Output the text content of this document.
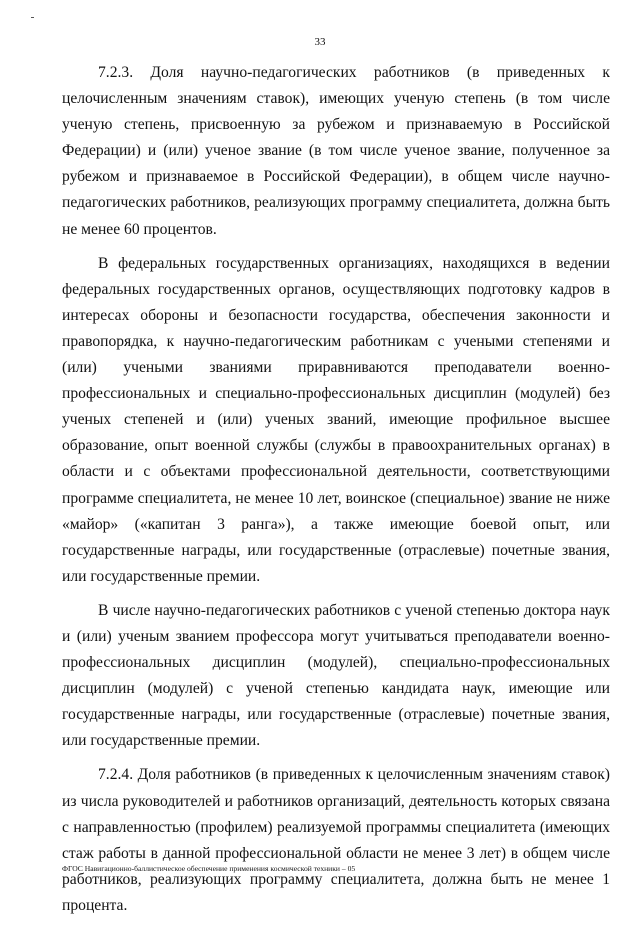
33

7.2.3. Доля научно-педагогических работников (в приведенных к целочисленным значениям ставок), имеющих ученую степень (в том числе ученую степень, присвоенную за рубежом и признаваемую в Российской Федерации) и (или) ученое звание (в том числе ученое звание, полученное за рубежом и признаваемое в Российской Федерации), в общем числе научно-педагогических работников, реализующих программу специалитета, должна быть не менее 60 процентов.

В федеральных государственных организациях, находящихся в ведении федеральных государственных органов, осуществляющих подготовку кадров в интересах обороны и безопасности государства, обеспечения законности и правопорядка, к научно-педагогическим работникам с учеными степенями и (или) учеными званиями приравниваются преподаватели военно-профессиональных и специально-профессиональных дисциплин (модулей) без ученых степеней и (или) ученых званий, имеющие профильное высшее образование, опыт военной службы (службы в правоохранительных органах) в области и с объектами профессиональной деятельности, соответствующими программе специалитета, не менее 10 лет, воинское (специальное) звание не ниже «майор» («капитан 3 ранга»), а также имеющие боевой опыт, или государственные награды, или государственные (отраслевые) почетные звания, или государственные премии.

В числе научно-педагогических работников с ученой степенью доктора наук и (или) ученым званием профессора могут учитываться преподаватели военно-профессиональных дисциплин (модулей), специально-профессиональных дисциплин (модулей) с ученой степенью кандидата наук, имеющие или государственные награды, или государственные (отраслевые) почетные звания, или государственные премии.

7.2.4. Доля работников (в приведенных к целочисленным значениям ставок) из числа руководителей и работников организаций, деятельность которых связана с направленностью (профилем) реализуемой программы специалитета (имеющих стаж работы в данной профессиональной области не менее 3 лет) в общем числе работников, реализующих программу специалитета, должна быть не менее 1 процента.

ФГОС Навигационно-баллистическое обеспечение применения космической техники – 05
